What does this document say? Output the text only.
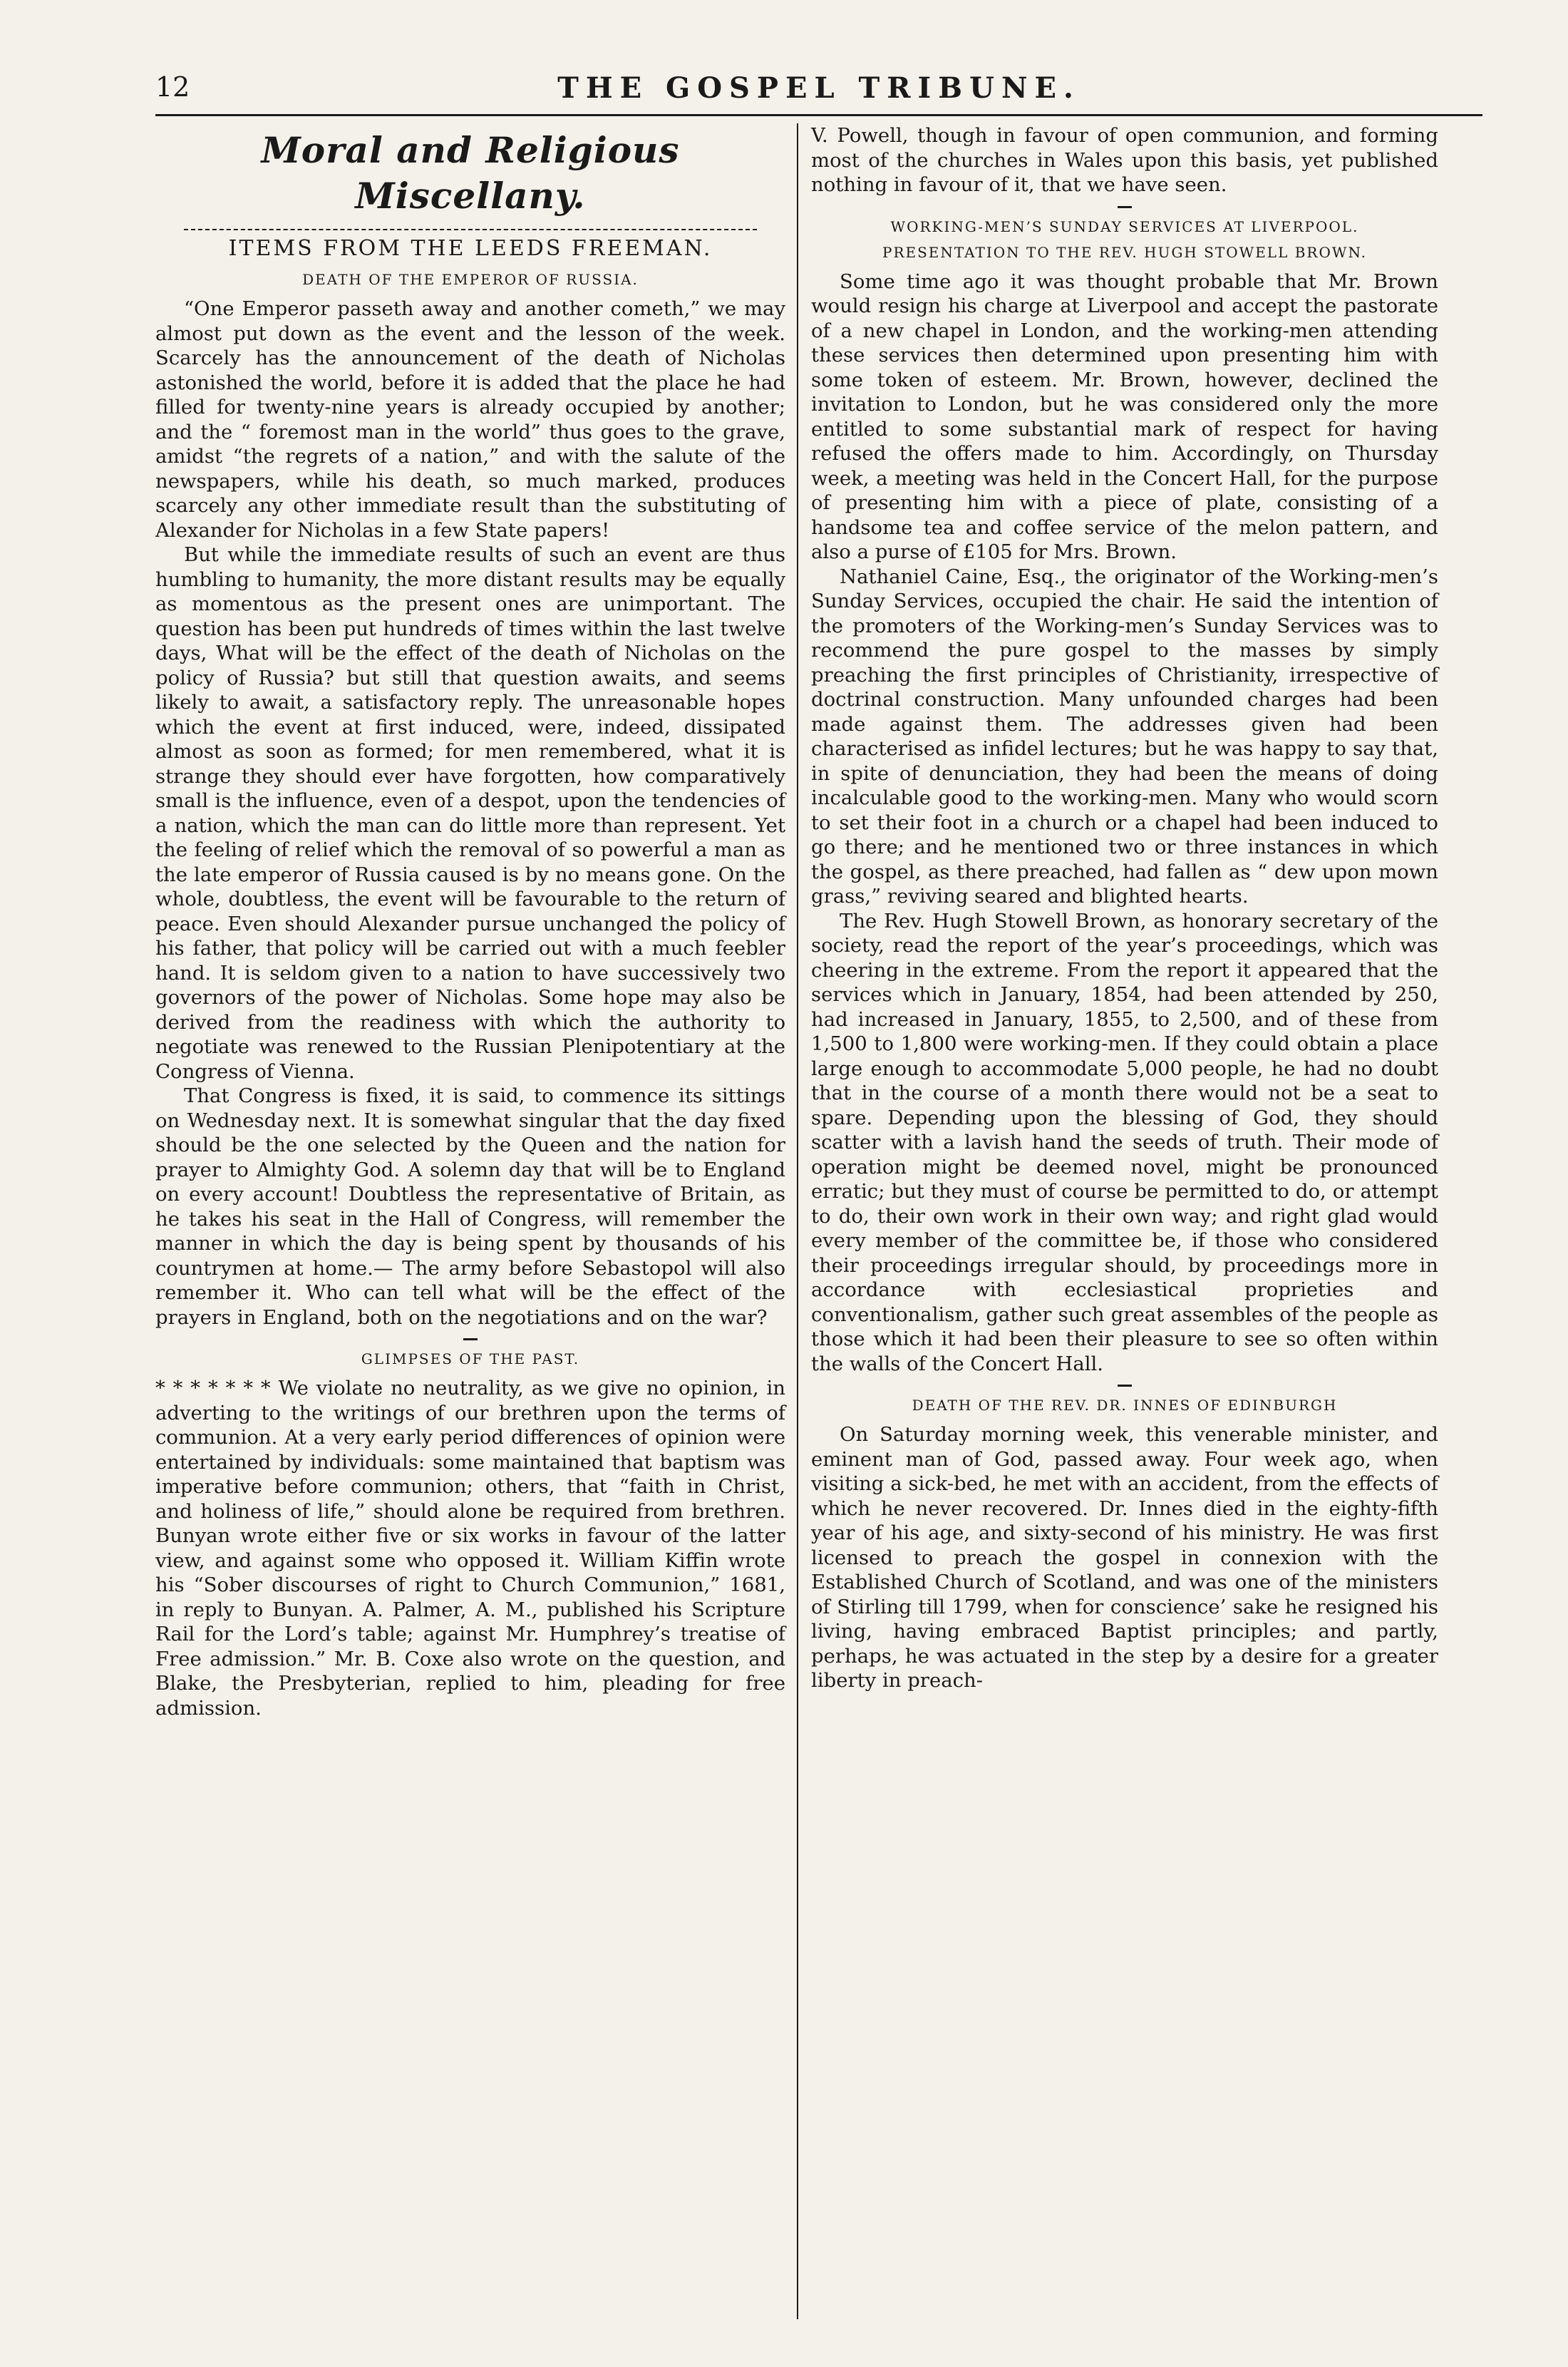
12	THE GOSPEL TRIBUNE.
Moral and Religious Miscellany.
ITEMS FROM THE LEEDS FREEMAN.
DEATH OF THE EMPEROR OF RUSSIA.

“One Emperor passeth away and another cometh,” we may almost put down as the event and the lesson of the week. Scarcely has the announcement of the death of Nicholas astonished the world, before it is added that the place he had filled for twenty-nine years is already occupied by another; and the “ foremost man in the world” thus goes to the grave, amidst “the regrets of a nation,” and with the salute of the newspapers, while his death, so much marked, produces scarcely any other immediate result than the substituting of Alexander for Nicholas in a few State papers!

But while the immediate results of such an event are thus humbling to humanity, the more distant results may be equally as momentous as the present ones are unimportant. The question has been put hundreds of times within the last twelve days, What will be the effect of the death of Nicholas on the policy of Russia? but still that question awaits, and seems likely to await, a satisfactory reply. The unreasonable hopes which the event at first induced, were, indeed, dissipated almost as soon as formed; for men remembered, what it is strange they should ever have forgotten, how comparatively small is the influence, even of a despot, upon the tendencies of a nation, which the man can do little more than represent. Yet the feeling of relief which the removal of so powerful a man as the late emperor of Russia caused is by no means gone. On the whole, doubtless, the event will be favourable to the return of peace. Even should Alexander pursue unchanged the policy of his father, that policy will be carried out with a much feebler hand. It is seldom given to a nation to have successively two governors of the power of Nicholas. Some hope may also be derived from the readiness with which the authority to negotiate was renewed to the Russian Plenipotentiary at the Congress of Vienna.

That Congress is fixed, it is said, to commence its sittings on Wednesday next. It is somewhat singular that the day fixed should be the one selected by the Queen and the nation for prayer to Almighty God. A solemn day that will be to England on every account! Doubtless the representative of Britain, as he takes his seat in the Hall of Congress, will remember the manner in which the day is being spent by thousands of his countrymen at home.— The army before Sebastopol will also remember it. Who can tell what will be the effect of the prayers in England, both on the negotiations and on the war?

GLIMPSES OF THE PAST.

* * * * * * * We violate no neutrality, as we give no opinion, in adverting to the writings of our brethren upon the terms of communion. At a very early period differences of opinion were entertained by individuals: some maintained that baptism was imperative before communion; others, that “faith in Christ, and holiness of life,” should alone be required from brethren. Bunyan wrote either five or six works in favour of the latter view, and against some who opposed it. William Kiffin wrote his “Sober discourses of right to Church Communion,” 1681, in reply to Bunyan. A. Palmer, A. M., published his Scripture Rail for the Lord’s table; against Mr. Humphrey’s treatise of Free admission.” Mr. B. Coxe also wrote on the question, and Blake, the Presbyterian, replied to him, pleading for free admission.

V. Powell, though in favour of open communion, and forming most of the churches in Wales upon this basis, yet published nothing in favour of it, that we have seen.

WORKING-MEN’S SUNDAY SERVICES AT LIVERPOOL.
PRESENTATION TO THE REV. HUGH STOWELL BROWN.

Some time ago it was thought probable that Mr. Brown would resign his charge at Liverpool and accept the pastorate of a new chapel in London, and the working-men attending these services then determined upon presenting him with some token of esteem. Mr. Brown, however, declined the invitation to London, but he was considered only the more entitled to some substantial mark of respect for having refused the offers made to him. Accordingly, on Thursday week, a meeting was held in the Concert Hall, for the purpose of presenting him with a piece of plate, consisting of a handsome tea and coffee service of the melon pattern, and also a purse of £105 for Mrs. Brown.

Nathaniel Caine, Esq., the originator of the Working-men’s Sunday Services, occupied the chair. He said the intention of the promoters of the Working-men’s Sunday Services was to recommend the pure gospel to the masses by simply preaching the first principles of Christianity, irrespective of doctrinal construction. Many unfounded charges had been made against them. The addresses given had been characterised as infidel lectures; but he was happy to say that, in spite of denunciation, they had been the means of doing incalculable good to the working-men. Many who would scorn to set their foot in a church or a chapel had been induced to go there; and he mentioned two or three instances in which the gospel, as there preached, had fallen as “ dew upon mown grass,” reviving seared and blighted hearts.

The Rev. Hugh Stowell Brown, as honorary secretary of the society, read the report of the year’s proceedings, which was cheering in the extreme. From the report it appeared that the services which in January, 1854, had been attended by 250, had increased in January, 1855, to 2,500, and of these from 1,500 to 1,800 were working-men. If they could obtain a place large enough to accommodate 5,000 people, he had no doubt that in the course of a month there would not be a seat to spare. Depending upon the blessing of God, they should scatter with a lavish hand the seeds of truth. Their mode of operation might be deemed novel, might be pronounced erratic; but they must of course be permitted to do, or attempt to do, their own work in their own way; and right glad would every member of the committee be, if those who considered their proceedings irregular should, by proceedings more in accordance with ecclesiastical proprieties and conventionalism, gather such great assembles of the people as those which it had been their pleasure to see so often within the walls of the Concert Hall.

DEATH OF THE REV. DR. INNES OF EDINBURGH

On Saturday morning week, this venerable minister, and eminent man of God, passed away. Four week ago, when visiting a sick-bed, he met with an accident, from the effects of which he never recovered. Dr. Innes died in the eighty-fifth year of his age, and sixty-second of his ministry. He was first licensed to preach the gospel in connexion with the Established Church of Scotland, and was one of the ministers of Stirling till 1799, when for conscience’ sake he resigned his living, having embraced Baptist principles; and partly, perhaps, he was actuated in the step by a desire for a greater liberty in preach-
